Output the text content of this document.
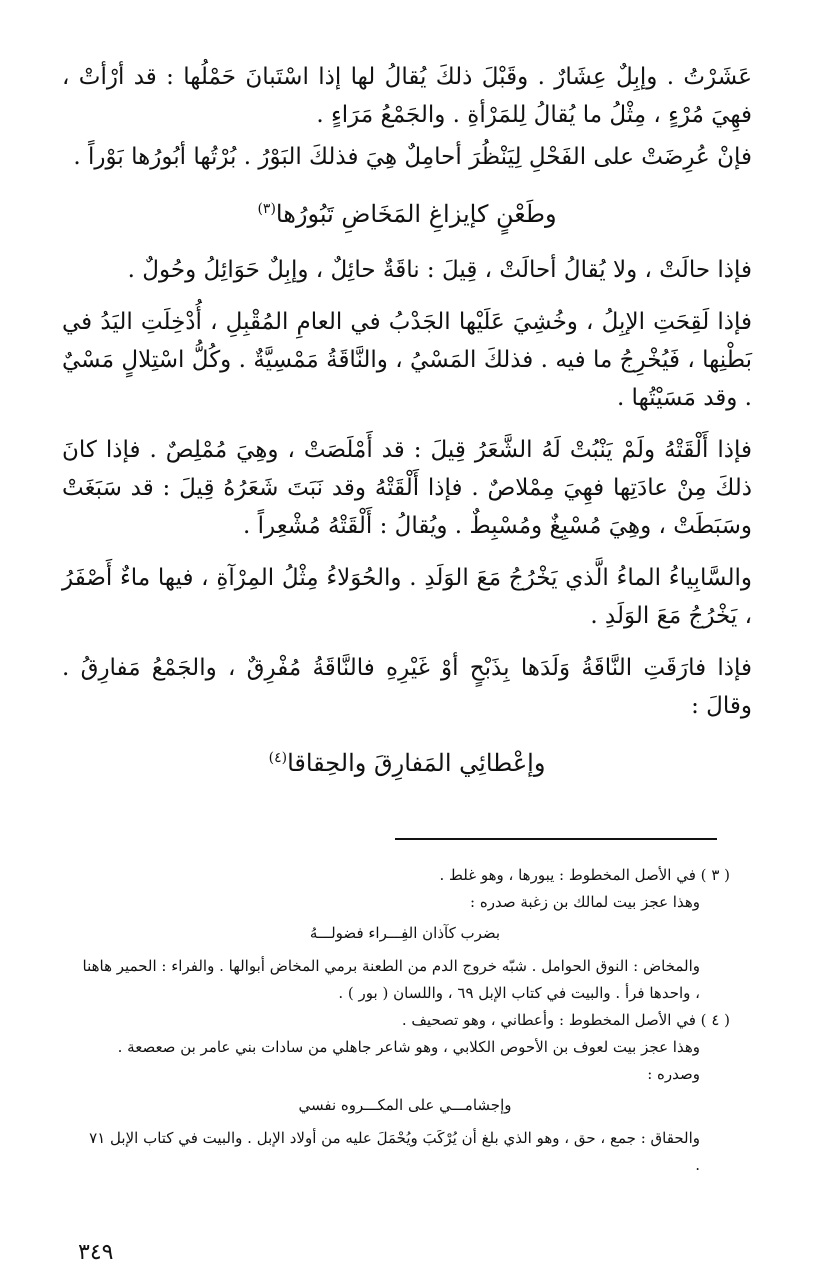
عَشَرْتُ . وإبِلٌ عِشَارٌ . وقَبْلَ ذلكَ يُقالُ لها إذا اسْتَبانَ حَمْلُها : قد أرْأتْ ، فهِيَ مُرْءٍ ، مِثْلُ ما يُقالُ لِلمَرْأةِ . والجَمْعُ مَرَاءٍ .

فإنْ عُرِضَتْ على الفَحْلِ لِيَنْظُرَ أحامِلٌ هِيَ فذلكَ البَوْرُ . بُرْتُها أبُورُها بَوْراً .

وطَعْنٍ كإيزاغِ المَخَاضِ تَبُورُها$^{(٣)}$

فإذا حالَتْ ، ولا يُقالُ أحالَتْ ، قِيلَ : ناقَةٌ حائِلٌ ، وإبِلٌ حَوَائِلُ وحُولٌ .

فإذا لَقِحَتِ الإبِلُ ، وخُشِيَ عَلَيْها الجَدْبُ في العامِ المُقْبِلِ ، أُدْخِلَتِ اليَدُ في بَطْنِها ، فَيُخْرِجُ ما فيه . فذلكَ المَسْيُ ، والنَّاقَةُ مَمْسِيَّةٌ . وكُلُّ اسْتِلالٍ مَسْيٌ . وقد مَسَيْتُها .

فإذا أَلْقَتْهُ ولَمْ يَنْبُتْ لَهُ الشَّعَرُ قِيلَ : قد أَمْلَصَتْ ، وهِيَ مُمْلِصٌ . فإذا كانَ ذلكَ مِنْ عادَتِها فهِيَ مِمْلاصٌ . فإذا أَلْقَتْهُ وقد نَبَتَ شَعَرُهُ قِيلَ : قد سَبَغَتْ وسَبَطَتْ ، وهِيَ مُسْبِغٌ ومُسْبِطٌ . ويُقالُ : أَلْقَتْهُ مُشْعِراً .

والسَّابِياءُ الماءُ الَّذي يَخْرُجُ مَعَ الوَلَدِ . والحُوَلاءُ مِثْلُ المِرْآةِ ، فيها ماءٌ أَصْفَرُ ، يَخْرُجُ مَعَ الوَلَدِ .

فإذا فارَقَتِ النَّاقَةُ وَلَدَها بِذَبْحٍ أوْ غَيْرِهِ فالنَّاقَةُ مُفْرِقٌ ، والجَمْعُ مَفارِقُ . وقالَ :

وإعْطائِي المَفارِقَ والحِقاقا$^{(٤)}$

( ٣ ) في الأصل المخطوط : يبورها ، وهو غلط .

وهذا عجز بيت لمالك بن زغبة صدره :

بضرب كآذان الفِـــراء فضولـــهُ

والمخاض : النوق الحوامل . شبّه خروج الدم من الطعنة برمي المخاض أبوالها . والفراء : الحمير هاهنا ، واحدها فرأ . والبيت في كتاب الإبل ٦٩ ، واللسان ( بور ) .

( ٤ ) في الأصل المخطوط : وأعطاني ، وهو تصحيف .

وهذا عجز بيت لعوف بن الأحوص الكلابي ، وهو شاعر جاهلي من سادات بني عامر بن صعصعة . وصدره :

وإجشامـــي على المكـــروه نفسي

والحقاق : جمع ، حق ، وهو الذي بلغ أن يُرْكَبَ ويُحْمَلَ عليه من أولاد الإبل . والبيت في كتاب الإبل ٧١ .

٣٤٩
